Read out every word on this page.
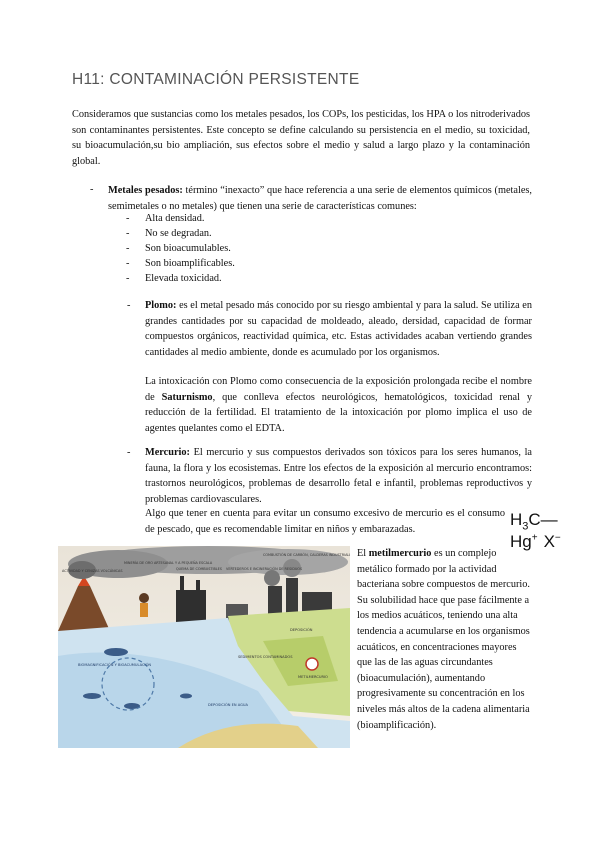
H11: CONTAMINACIÓN PERSISTENTE

Consideramos que sustancias como los metales pesados, los COPs, los pesticidas, los HPA o los nitroderivados son contaminantes persistentes. Este concepto se define calculando su persistencia en el medio, su toxicidad, su bioacumulación,su bio ampliación, sus efectos sobre el medio y salud a largo plazo y la contaminación global.

- Metales pesados: término “inexacto” que hace referencia a una serie de elementos químicos (metales, semimetales o no metales) que tienen una serie de características comunes:

- Alta densidad.
- No se degradan.
- Son bioacumulables.
- Son bioamplificables.
- Elevada toxicidad.
- Plomo: es el metal pesado más conocido por su riesgo ambiental y para la salud. Se utiliza en grandes cantidades por su capacidad de moldeado, aleado, dersidad, capacidad de formar compuestos orgánicos, reactividad química, etc. Estas actividades acaban vertiendo grandes cantidades al medio ambiente, donde es acumulado por los organismos.

La intoxicación con Plomo como consecuencia de la exposición prolongada recibe el nombre de Saturnismo, que conlleva efectos neurológicos, hematológicos, toxicidad renal y reducción de la fertilidad. El tratamiento de la intoxicación por plomo implica el uso de agentes quelantes como el EDTA.

- Mercurio: El mercurio y sus compuestos derivados son tóxicos para los seres humanos, la fauna, la flora y los ecosistemas. Entre los efectos de la exposición al mercurio encontramos: trastornos neurológicos, problemas de desarrollo fetal e infantil, problemas reproductivos y problemas cardiovasculares.

Algo que tener en cuenta para evitar un consumo excesivo de mercurio es el consumo de pescado, que es recomendable limitar en niños y embarazadas.

$H_3C—Hg^+$ X−

El metilmercurio es un complejo metálico formado por la actividad bacteriana sobre compuestos de mercurio. Su solubilidad hace que pase fácilmente a los medios acuáticos, teniendo una alta tendencia a acumularse en los organismos acuáticos, en concentraciones mayores que las de las aguas circundantes (bioacumulación), aumentando progresivamente su concentración en los niveles más altos de la cadena alimentaria (bioamplificación).

ACTIVIDAD Y CENIZAS VOLCÁNICAS
MINERÍA DE ORO ARTESANAL Y A PEQUEÑA ESCALA
QUEMA DE COMBUSTIBLES VERTEDEROS E INCINERACIÓN DE RESIDUOS
COMBUSTIÓN DE CARBÓN, CALDERAS INDUSTRIAL
DEPOSICIÓN
BIOMAGNIFICACIÓN Y BIOACUMULACIÓN
DEPOSICIÓN EN AGUA
METILMERCURIO
SEDIMENTOS CONTAMINADOS
